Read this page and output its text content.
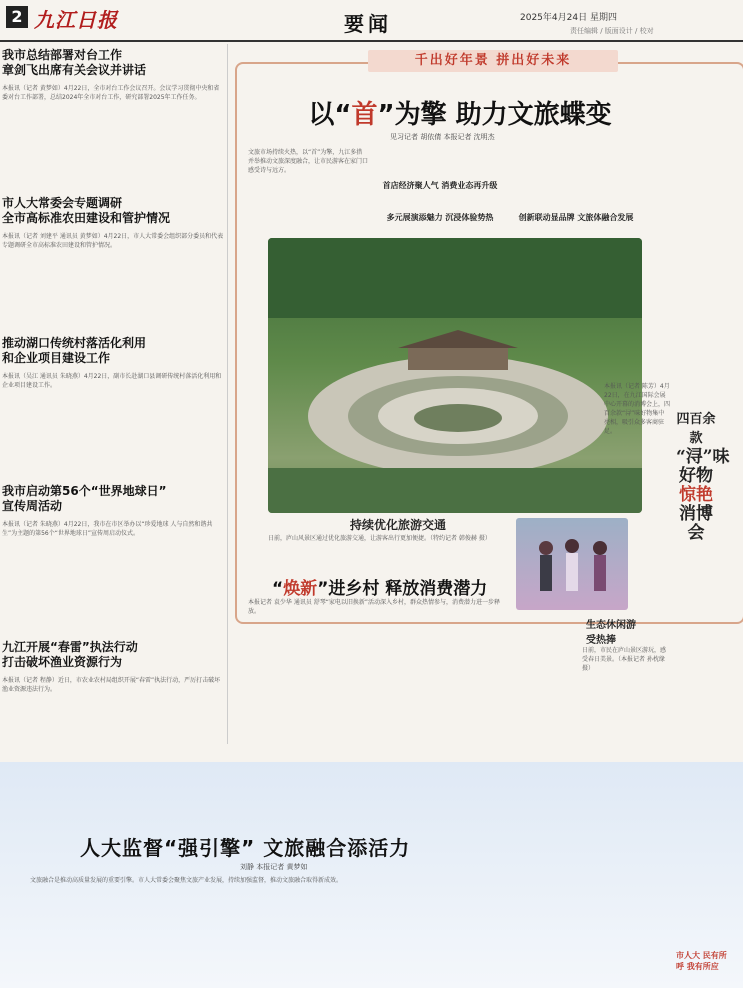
2 九江日报	要闻	2025年4月24日 星期四
责任编辑 / 版面设计 / 校对
我市总结部署对台工作
章剑飞出席有关会议并讲话
本报讯（记者 黄梦如）4月22日，全市对台工作会议召开。会议学习贯彻中央和省委对台工作部署，总结2024年全市对台工作，研究部署2025年工作任务。
市人大常委会专题调研
全市高标准农田建设和管护情况
本报讯（记者 刘建平 通讯员 黄梦如）4月22日，市人大常委会组织部分委员和代表专题调研全市高标准农田建设和管护情况。
推动湖口传统村落活化利用
和企业项目建设工作
本报讯（吴江 通讯员 朱晓燕）4月22日，副市长赴湖口县调研传统村落活化利用和企业项目建设工作。
我市启动第56个“世界地球日”
宣传周活动
本报讯（记者 朱晓燕）4月22日，我市在市区举办以“珍爱地球 人与自然和谐共生”为主题的第56个“世界地球日”宣传周启动仪式。
九江开展“春雷”执法行动
打击破坏渔业资源行为
本报讯（记者 程静）近日，市农业农村局组织开展“春雷”执法行动，严厉打击破坏渔业资源违法行为。
千出好年景 拼出好未来
以“首”为擎 助力文旅蝶变
见习记者 胡依倩 本报记者 沈明杰
文旅市场持续火热，以“首”为擎，九江多措并举推动文旅深度融合，让市民游客在家门口感受诗与远方。
首店经济聚人气 消费业态再升级
多元展演添魅力 沉浸体验势热	创新联动显品牌 文旅体融合发展
持续优化旅游交通
日前，庐山风景区通过优化旅游交通，让游客出行更加便捷。（特约记者 韩俊赫 摄）
“焕新”进乡村 释放消费潜力
本报记者 袁少华 通讯员 舒琴“家电以旧换新”活动深入乡村，群众热情参与，消费潜力进一步释放。
生态休闲游
受热捧
日前，市民在庐山景区游玩，感受春日美景。（本报记者 孙枕缘 摄）
四百余款
“浔”味好物
惊艳
消博会
本报讯（记者 陈芳）4月22日，在九江国际会展中心开幕的消博会上，四百余款“浔”味好物集中亮相，吸引众多客商驻足。
人大监督“强引擎” 文旅融合添活力
刘静 本报记者 黄梦如
文旅融合是推动高质量发展的重要引擎。市人大常委会聚焦文旅产业发展，持续加强监督，推动文旅融合取得新成效。
市人大 民有所呼 我有所应
